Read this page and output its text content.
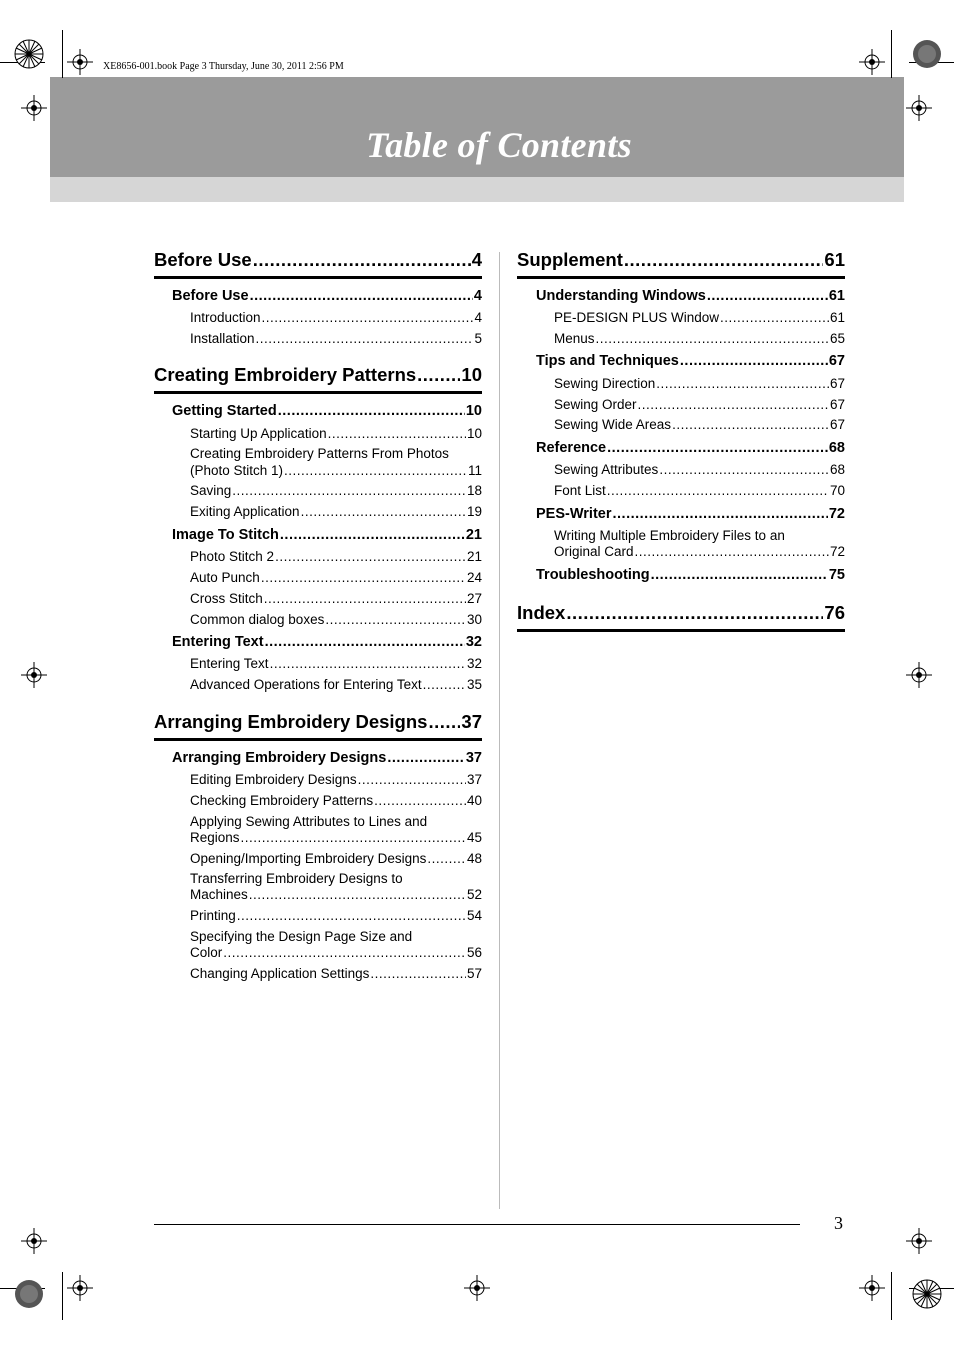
XE8656-001.book Page 3 Thursday, June 30, 2011 2:56 PM
Table of Contents
Before Use .....	4
Before Use .....	4
Introduction .....	4
Installation .....	5
Creating Embroidery Patterns ..... 10
Getting Started .....	10
Starting Up Application .....	10
Creating Embroidery Patterns From Photos
(Photo Stitch 1) .....	11
Saving .....	18
Exiting Application .....	19
Image To Stitch .....	21
Photo Stitch 2 .....	21
Auto Punch .....	24
Cross Stitch .....	27
Common dialog boxes .....	30
Entering Text .....	32
Entering Text .....	32
Advanced Operations for Entering Text .....	35
Arranging Embroidery Designs ..... 37
Arranging Embroidery Designs .....	37
Editing Embroidery Designs .....	37
Checking Embroidery Patterns .....	40
Applying Sewing Attributes to Lines and
Regions .....	45
Opening/Importing Embroidery Designs .....	48
Transferring Embroidery Designs to
Machines .....	52
Printing .....	54
Specifying the Design Page Size and
Color .....	56
Changing Application Settings .....	57
Supplement .....	61
Understanding Windows .....	61
PE-DESIGN PLUS Window .....	61
Menus .....	65
Tips and Techniques .....	67
Sewing Direction .....	67
Sewing Order .....	67
Sewing Wide Areas .....	67
Reference .....	68
Sewing Attributes .....	68
Font List .....	70
PES-Writer .....	72
Writing Multiple Embroidery Files to an
Original Card .....	72
Troubleshooting .....	75
Index .....	76
3
